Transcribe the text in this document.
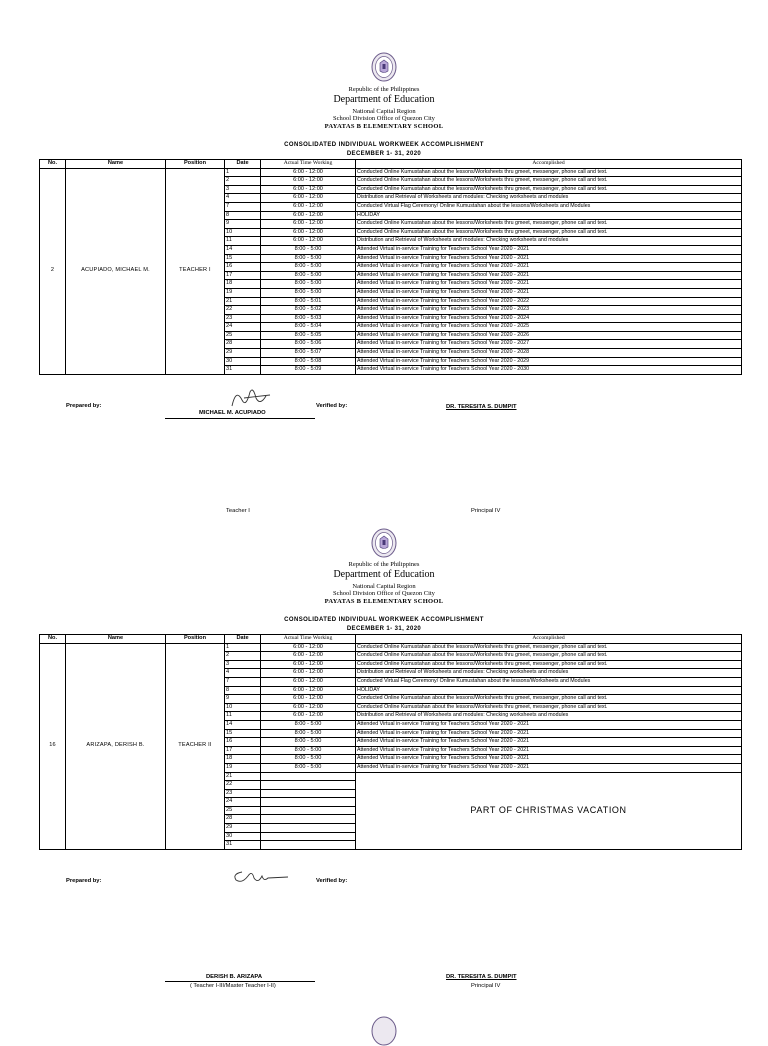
Republic of the Philippines
Department of Education
National Capital Region
School Division Office of Quezon City
PAYATAS B ELEMENTARY SCHOOL
CONSOLIDATED INDIVIDUAL WORKWEEK ACCOMPLISHMENT
DECEMBER 1- 31, 2020
No.	Name	Position	Date	Actual Time Working	Accomplished
2	ACUPIADO, MICHAEL M.	TEACHER I	1	6:00 - 12:00	Conducted Online Kumustahan about the lessons/Worksheets thru gmeet, messenger, phone call and text.
			2	6:00 - 12:00	Conducted Online Kumustahan about the lessons/Worksheets thru gmeet, messenger, phone call and text.
			3	6:00 - 12:00	Conducted Online Kumustahan about the lessons/Worksheets thru gmeet, messenger, phone call and text.
			4	6:00 - 12:00	Distribution and Retrieval of Worksheets and modules: Checking worksheets and modules
			7	6:00 - 12:00	Conducted Virtual Flag Ceremony/ Online Kumustahan about the lessons/Worksheets and Modules
			8	6:00 - 12:00	HOLIDAY
			9	6:00 - 12:00	Conducted Online Kumustahan about the lessons/Worksheets thru gmeet, messenger, phone call and text.
			10	6:00 - 12:00	Conducted Online Kumustahan about the lessons/Worksheets thru gmeet, messenger, phone call and text.
			11	6:00 - 12:00	Distribution and Retrieval of Worksheets and modules: Checking worksheets and modules
			14	8:00 - 5:00	Attended Virtual in-service Training for Teachers School Year 2020 - 2021
			15	8:00 - 5:00	Attended Virtual in-service Training for Teachers School Year 2020 - 2021
			16	8:00 - 5:00	Attended Virtual in-service Training for Teachers School Year 2020 - 2021
			17	8:00 - 5:00	Attended Virtual in-service Training for Teachers School Year 2020 - 2021
			18	8:00 - 5:00	Attended Virtual in-service Training for Teachers School Year 2020 - 2021
			19	8:00 - 5:00	Attended Virtual in-service Training for Teachers School Year 2020 - 2021
			21	8:00 - 5:01	Attended Virtual in-service Training for Teachers School Year 2020 - 2022
			22	8:00 - 5:02	Attended Virtual in-service Training for Teachers School Year 2020 - 2023
			23	8:00 - 5:03	Attended Virtual in-service Training for Teachers School Year 2020 - 2024
			24	8:00 - 5:04	Attended Virtual in-service Training for Teachers School Year 2020 - 2025
			25	8:00 - 5:05	Attended Virtual in-service Training for Teachers School Year 2020 - 2026
			28	8:00 - 5:06	Attended Virtual in-service Training for Teachers School Year 2020 - 2027
			29	8:00 - 5:07	Attended Virtual in-service Training for Teachers School Year 2020 - 2028
			30	8:00 - 5:08	Attended Virtual in-service Training for Teachers School Year 2020 - 2029
			31	8:00 - 5:09	Attended Virtual in-service Training for Teachers School Year 2020 - 2030
Prepared by:
MICHAEL M. ACUPIADO
Verified by:	DR. TERESITA S. DUMPIT
Teacher I	Principal IV
Republic of the Philippines
Department of Education
National Capital Region
School Division Office of Quezon City
PAYATAS B ELEMENTARY SCHOOL
CONSOLIDATED INDIVIDUAL WORKWEEK ACCOMPLISHMENT
DECEMBER 1- 31, 2020
No.	Name	Position	Date	Actual Time Working	Accomplished
16	ARIZAPA, DERISH B.	TEACHER II	1	6:00 - 12:00	Conducted Online Kumustahan about the lessons/Worksheets thru gmeet, messenger, phone call and text.
			2	6:00 - 12:00	Conducted Online Kumustahan about the lessons/Worksheets thru gmeet, messenger, phone call and text.
			3	6:00 - 12:00	Conducted Online Kumustahan about the lessons/Worksheets thru gmeet, messenger, phone call and text.
			4	6:00 - 12:00	Distribution and Retrieval of Worksheets and modules: Checking worksheets and modules
			7	6:00 - 12:00	Conducted Virtual Flag Ceremony/ Online Kumustahan about the lessons/Worksheets and Modules
			8	6:00 - 12:00	HOLIDAY
			9	6:00 - 12:00	Conducted Online Kumustahan about the lessons/Worksheets thru gmeet, messenger, phone call and text.
			10	6:00 - 12:00	Conducted Online Kumustahan about the lessons/Worksheets thru gmeet, messenger, phone call and text.
			11	6:00 - 12:00	Distribution and Retrieval of Worksheets and modules: Checking worksheets and modules
			14	8:00 - 5:00	Attended Virtual in-service Training for Teachers School Year 2020 - 2021
			15	8:00 - 5:00	Attended Virtual in-service Training for Teachers School Year 2020 - 2021
			16	8:00 - 5:00	Attended Virtual in-service Training for Teachers School Year 2020 - 2021
			17	8:00 - 5:00	Attended Virtual in-service Training for Teachers School Year 2020 - 2021
			18	8:00 - 5:00	Attended Virtual in-service Training for Teachers School Year 2020 - 2021
			19	8:00 - 5:00	Attended Virtual in-service Training for Teachers School Year 2020 - 2021
			21		PART OF CHRISTMAS VACATION
			22		
			23		
			24		
			25		
			28		
			29		
			30		
			31		
Prepared by:	Verified by:
DERISH B. ARIZAPA
( Teacher I-III/Master Teacher I-II)
DR. TERESITA S. DUMPIT
Principal IV
